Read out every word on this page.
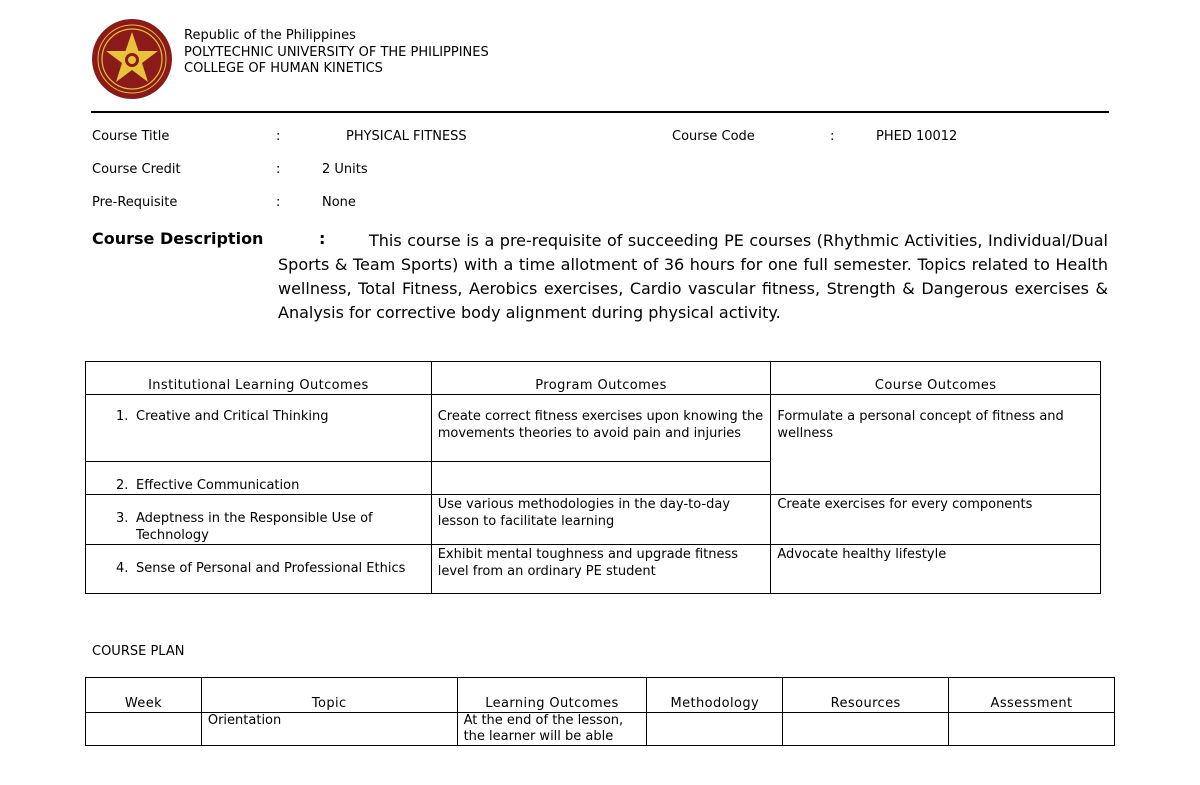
Republic of the Philippines
POLYTECHNIC UNIVERSITY OF THE PHILIPPINES
COLLEGE OF HUMAN KINETICS
Course Title	:	PHYSICAL FITNESS	Course Code	:	PHED 10012
Course Credit	:	2 Units
Pre-Requisite	:	None
Course Description	:	This course is a pre-requisite of succeeding PE courses (Rhythmic Activities, Individual/Dual Sports & Team Sports) with a time allotment of 36 hours for one full semester. Topics related to Health wellness, Total Fitness, Aerobics exercises, Cardio vascular fitness, Strength & Dangerous exercises & Analysis for corrective body alignment during physical activity.
Institutional Learning Outcomes	Program Outcomes	Course Outcomes

1. Creative and Critical Thinking	Create correct fitness exercises upon knowing the movements theories to avoid pain and injuries	Formulate a personal concept of fitness and wellness

2. Effective Communication		

3. Adeptness in the Responsible Use of Technology	Use various methodologies in the day-to-day lesson to facilitate learning	Create exercises for every components

4. Sense of Personal and Professional Ethics	Exhibit mental toughness and upgrade fitness level from an ordinary PE student	Advocate healthy lifestyle
COURSE PLAN
Week	Topic	Learning Outcomes	Methodology	Resources	Assessment
	Orientation	At the end of the lesson, the learner will be able			
